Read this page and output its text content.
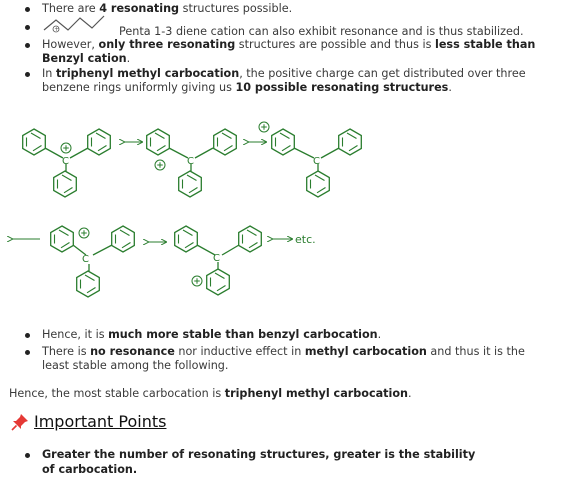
There are 4 resonating structures possible.
+	Penta 1-3 diene cation can also exhibit resonance and is thus stabilized.
However, only three resonating structures are possible and thus is less stable than Benzyl cation.
In triphenyl methyl carbocation, the positive charge can get distributed over three benzene rings uniformly giving us 10 possible resonating structures.
C	C	C
C	C
etc.
Hence, it is much more stable than benzyl carbocation.
There is no resonance nor inductive effect in methyl carbocation and thus it is the least stable among the following.
Hence, the most stable carbocation is triphenyl methyl carbocation.
Important Points
Greater the number of resonating structures, greater is the stability of carbocation.
